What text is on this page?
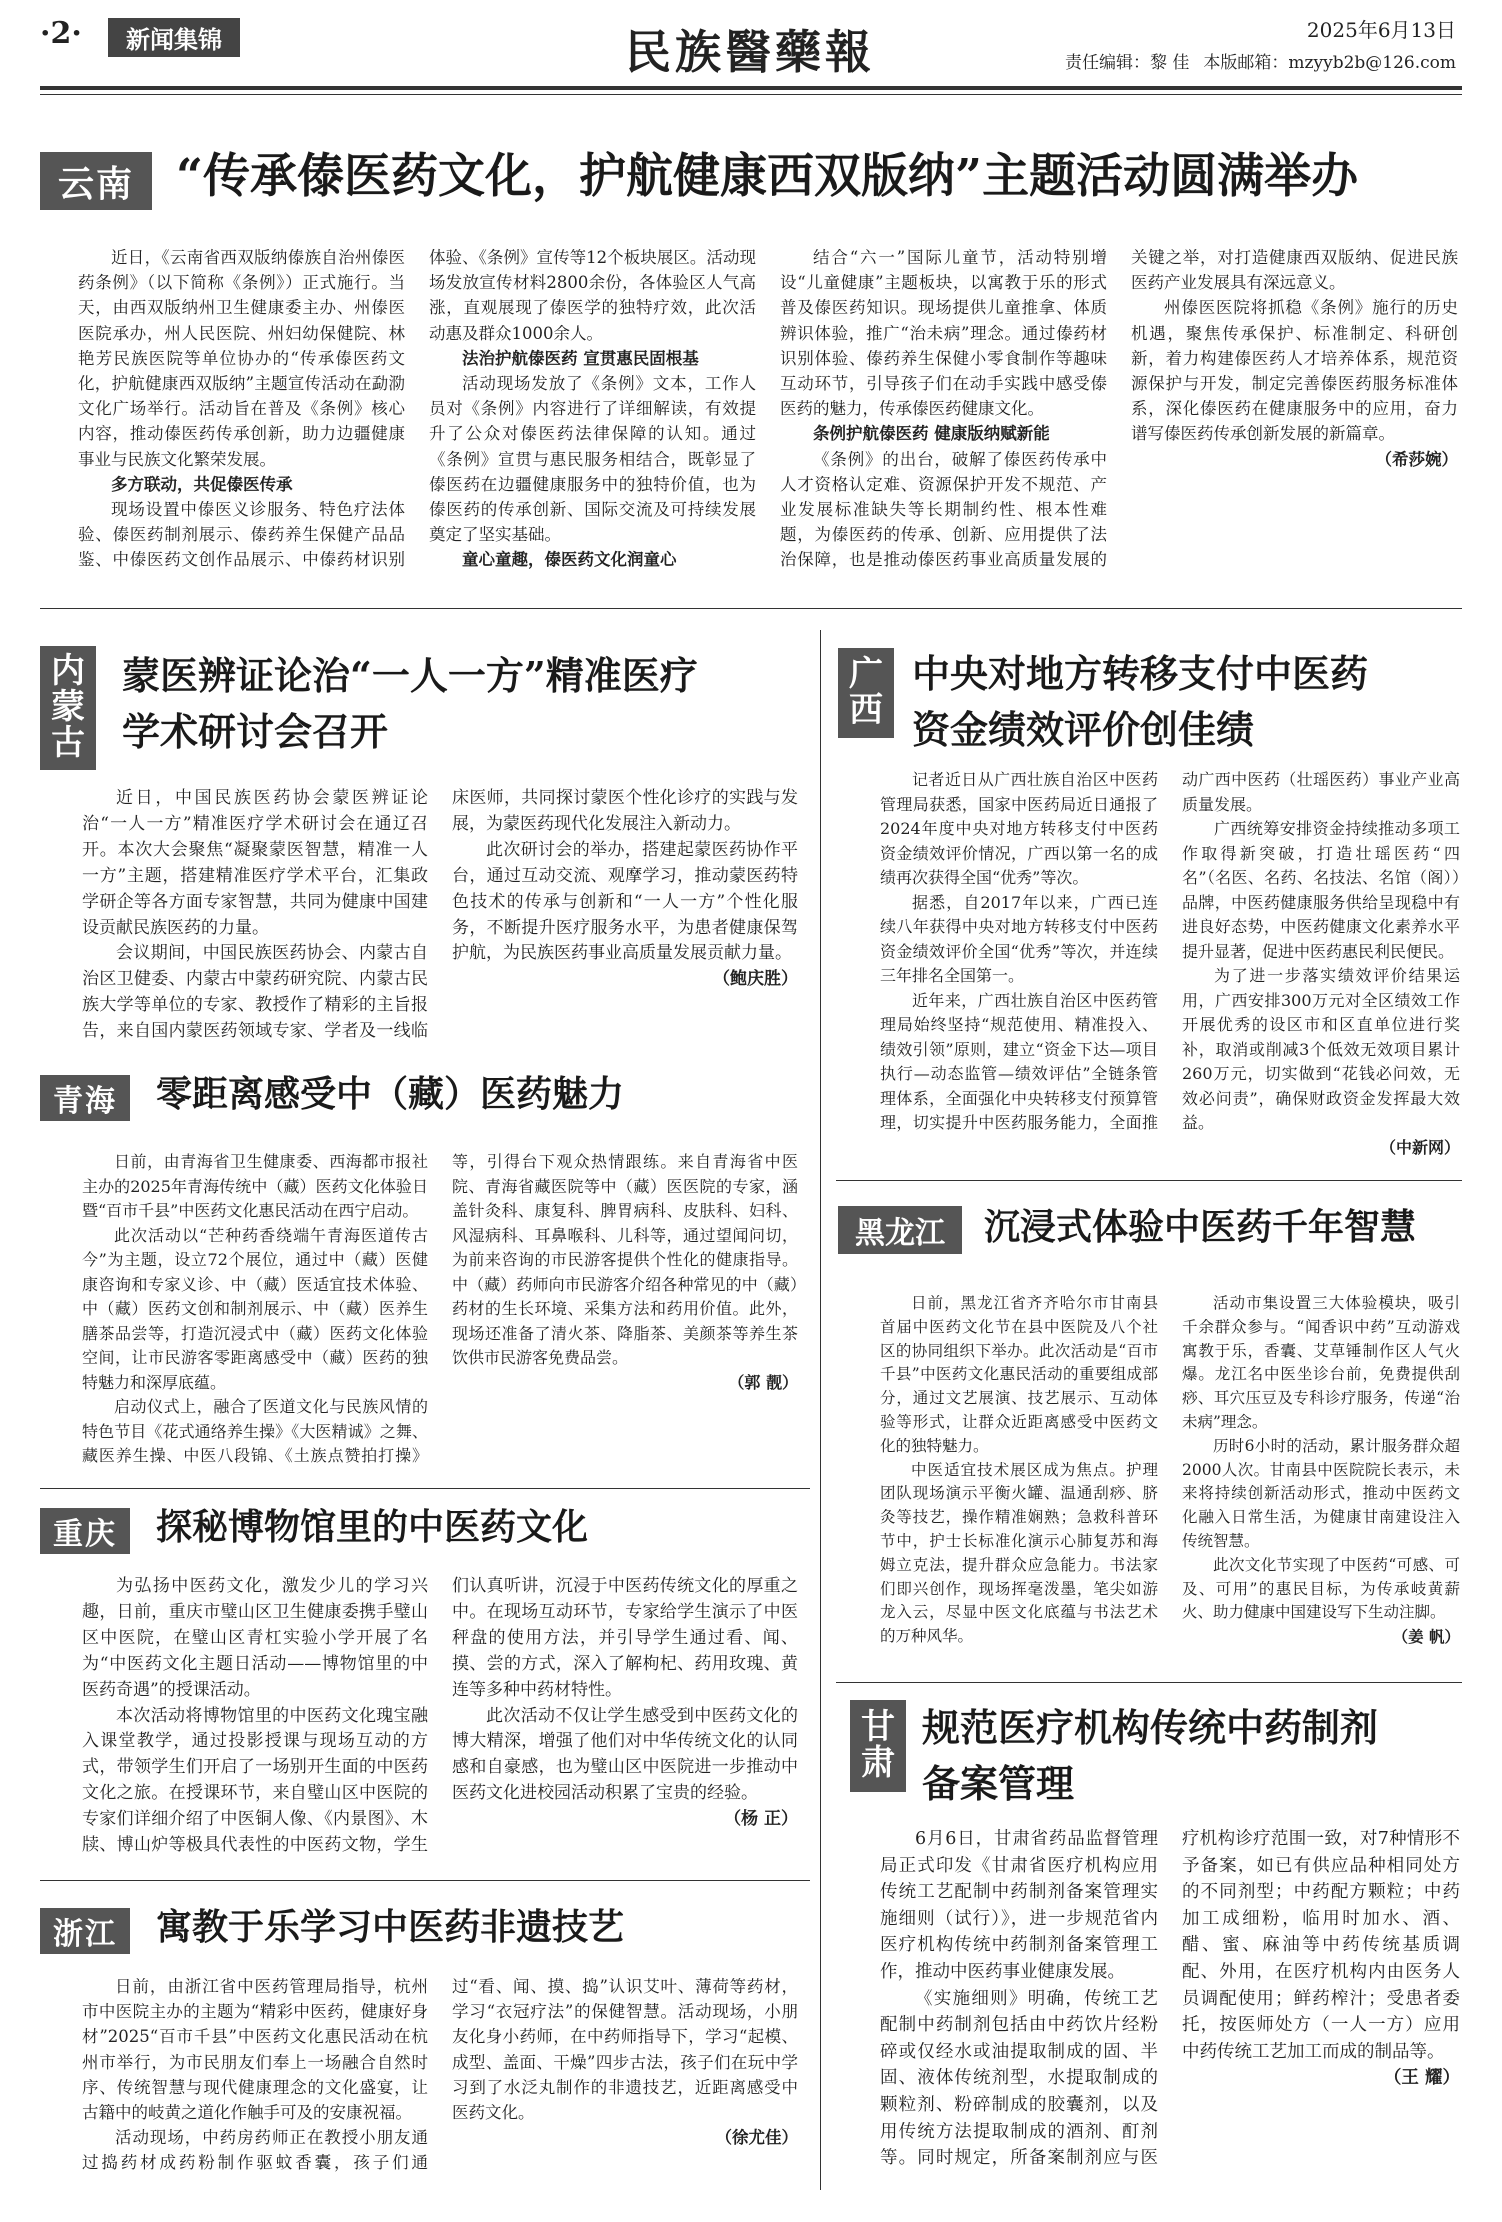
·2·	新闻集锦	民族醫藥報	2025年6月13日
责任编辑：黎 佳 本版邮箱：mzyyb2b@126.com
云南 “传承傣医药文化，护航健康西双版纳”主题活动圆满举办

近日，《云南省西双版纳傣族自治州傣医药条例》（以下简称《条例》）正式施行。当天，由西双版纳州卫生健康委主办、州傣医医院承办，州人民医院、州妇幼保健院、林艳芳民族医院等单位协办的“传承傣医药文化，护航健康西双版纳”主题宣传活动在勐泐文化广场举行。活动旨在普及《条例》核心内容，推动傣医药传承创新，助力边疆健康事业与民族文化繁荣发展。

多方联动，共促傣医传承

现场设置中傣医义诊服务、特色疗法体验、傣医药制剂展示、傣药养生保健产品品鉴、中傣医药文创作品展示、中傣药材识别体验、《条例》宣传等12个板块展区。活动现场发放宣传材料2800余份，各体验区人气高涨，直观展现了傣医学的独特疗效，此次活动惠及群众1000余人。

法治护航傣医药 宣贯惠民固根基

活动现场发放了《条例》文本，工作人员对《条例》内容进行了详细解读，有效提升了公众对傣医药法律保障的认知。通过《条例》宣贯与惠民服务相结合，既彰显了傣医药在边疆健康服务中的独特价值，也为傣医药的传承创新、国际交流及可持续发展奠定了坚实基础。

童心童趣，傣医药文化润童心

结合“六一”国际儿童节，活动特别增设“儿童健康”主题板块，以寓教于乐的形式普及傣医药知识。现场提供儿童推拿、体质辨识体验，推广“治未病”理念。通过傣药材识别体验、傣药养生保健小零食制作等趣味互动环节，引导孩子们在动手实践中感受傣医药的魅力，传承傣医药健康文化。

条例护航傣医药 健康版纳赋新能

《条例》的出台，破解了傣医药传承中人才资格认定难、资源保护开发不规范、产业发展标准缺失等长期制约性、根本性难题，为傣医药的传承、创新、应用提供了法治保障，也是推动傣医药事业高质量发展的关键之举，对打造健康西双版纳、促进民族医药产业发展具有深远意义。

州傣医医院将抓稳《条例》施行的历史机遇，聚焦传承保护、标准制定、科研创新，着力构建傣医药人才培养体系，规范资源保护与开发，制定完善傣医药服务标准体系，深化傣医药在健康服务中的应用，奋力谱写傣医药传承创新发展的新篇章。

（希莎婉）
内
蒙
古
蒙医辨证论治“一人一方”精准医疗
学术研讨会召开

近日，中国民族医药协会蒙医辨证论治“一人一方”精准医疗学术研讨会在通辽召开。本次大会聚焦“凝聚蒙医智慧，精准一人一方”主题，搭建精准医疗学术平台，汇集政学研企等各方面专家智慧，共同为健康中国建设贡献民族医药的力量。

会议期间，中国民族医药协会、内蒙古自治区卫健委、内蒙古中蒙药研究院、内蒙古民族大学等单位的专家、教授作了精彩的主旨报告，来自国内蒙医药领域专家、学者及一线临床医师，共同探讨蒙医个性化诊疗的实践与发展，为蒙医药现代化发展注入新动力。

此次研讨会的举办，搭建起蒙医药协作平台，通过互动交流、观摩学习，推动蒙医药特色技术的传承与创新和“一人一方”个性化服务，不断提升医疗服务水平，为患者健康保驾护航，为民族医药事业高质量发展贡献力量。

（鲍庆胜）
青海	零距离感受中（藏）医药魅力

日前，由青海省卫生健康委、西海都市报社主办的2025年青海传统中（藏）医药文化体验日暨“百市千县”中医药文化惠民活动在西宁启动。

此次活动以“芒种药香绕端午青海医道传古今”为主题，设立72个展位，通过中（藏）医健康咨询和专家义诊、中（藏）医适宜技术体验、中（藏）医药文创和制剂展示、中（藏）医养生膳茶品尝等，打造沉浸式中（藏）医药文化体验空间，让市民游客零距离感受中（藏）医药的独特魅力和深厚底蕴。

启动仪式上，融合了医道文化与民族风情的特色节目《花式通络养生操》《大医精诚》之舞、藏医养生操、中医八段锦、《土族点赞拍打操》等，引得台下观众热情跟练。来自青海省中医院、青海省藏医院等中（藏）医医院的专家，涵盖针灸科、康复科、脾胃病科、皮肤科、妇科、风湿病科、耳鼻喉科、儿科等，通过望闻问切，为前来咨询的市民游客提供个性化的健康指导。中（藏）药师向市民游客介绍各种常见的中（藏）药材的生长环境、采集方法和药用价值。此外，现场还准备了清火茶、降脂茶、美颜茶等养生茶饮供市民游客免费品尝。

（郭 靓）
重庆	探秘博物馆里的中医药文化

为弘扬中医药文化，激发少儿的学习兴趣，日前，重庆市璧山区卫生健康委携手璧山区中医院，在璧山区青杠实验小学开展了名为“中医药文化主题日活动——博物馆里的中医药奇遇”的授课活动。

本次活动将博物馆里的中医药文化瑰宝融入课堂教学，通过投影授课与现场互动的方式，带领学生们开启了一场别开生面的中医药文化之旅。在授课环节，来自璧山区中医院的专家们详细介绍了中医铜人像、《内景图》、木牍、博山炉等极具代表性的中医药文物，学生们认真听讲，沉浸于中医药传统文化的厚重之中。在现场互动环节，专家给学生演示了中医秤盘的使用方法，并引导学生通过看、闻、摸、尝的方式，深入了解枸杞、药用玫瑰、黄连等多种中药材特性。

此次活动不仅让学生感受到中医药文化的博大精深，增强了他们对中华传统文化的认同感和自豪感，也为璧山区中医院进一步推动中医药文化进校园活动积累了宝贵的经验。

（杨 正）
浙江	寓教于乐学习中医药非遗技艺

日前，由浙江省中医药管理局指导，杭州市中医院主办的主题为“精彩中医药，健康好身材”2025“百市千县”中医药文化惠民活动在杭州市举行，为市民朋友们奉上一场融合自然时序、传统智慧与现代健康理念的文化盛宴，让古籍中的岐黄之道化作触手可及的安康祝福。

活动现场，中药房药师正在教授小朋友通过捣药材成药粉制作驱蚊香囊，孩子们通过“看、闻、摸、捣”认识艾叶、薄荷等药材，学习“衣冠疗法”的保健智慧。活动现场，小朋友化身小药师，在中药师指导下，学习“起模、成型、盖面、干燥”四步古法，孩子们在玩中学习到了水泛丸制作的非遗技艺，近距离感受中医药文化。

（徐尤佳）
广
西
中央对地方转移支付中医药
资金绩效评价创佳绩

记者近日从广西壮族自治区中医药管理局获悉，国家中医药局近日通报了2024年度中央对地方转移支付中医药资金绩效评价情况，广西以第一名的成绩再次获得全国“优秀”等次。

据悉，自2017年以来，广西已连续八年获得中央对地方转移支付中医药资金绩效评价全国“优秀”等次，并连续三年排名全国第一。

近年来，广西壮族自治区中医药管理局始终坚持“规范使用、精准投入、绩效引领”原则，建立“资金下达—项目执行—动态监管—绩效评估”全链条管理体系，全面强化中央转移支付预算管理，切实提升中医药服务能力，全面推动广西中医药（壮瑶医药）事业产业高质量发展。

广西统筹安排资金持续推动多项工作取得新突破，打造壮瑶医药“四名”（名医、名药、名技法、名馆（阁））品牌，中医药健康服务供给呈现稳中有进良好态势，中医药健康文化素养水平提升显著，促进中医药惠民利民便民。

为了进一步落实绩效评价结果运用，广西安排300万元对全区绩效工作开展优秀的设区市和区直单位进行奖补，取消或削减3个低效无效项目累计260万元，切实做到“花钱必问效，无效必问责”，确保财政资金发挥最大效益。

（中新网）
黑龙江	沉浸式体验中医药千年智慧

日前，黑龙江省齐齐哈尔市甘南县首届中医药文化节在县中医院及八个社区的协同组织下举办。此次活动是“百市千县”中医药文化惠民活动的重要组成部分，通过文艺展演、技艺展示、互动体验等形式，让群众近距离感受中医药文化的独特魅力。

中医适宜技术展区成为焦点。护理团队现场演示平衡火罐、温通刮痧、脐灸等技艺，操作精准娴熟；急救科普环节中，护士长标准化演示心肺复苏和海姆立克法，提升群众应急能力。书法家们即兴创作，现场挥毫泼墨，笔尖如游龙入云，尽显中医文化底蕴与书法艺术的万种风华。

活动市集设置三大体验模块，吸引千余群众参与。“闻香识中药”互动游戏寓教于乐，香囊、艾草锤制作区人气火爆。龙江名中医坐诊台前，免费提供刮痧、耳穴压豆及专科诊疗服务，传递“治未病”理念。

历时6小时的活动，累计服务群众超2000人次。甘南县中医院院长表示，未来将持续创新活动形式，推动中医药文化融入日常生活，为健康甘南建设注入传统智慧。

此次文化节实现了中医药“可感、可及、可用”的惠民目标，为传承岐黄薪火、助力健康中国建设写下生动注脚。

（姜 帆）
甘
肃
规范医疗机构传统中药制剂
备案管理

6月6日，甘肃省药品监督管理局正式印发《甘肃省医疗机构应用传统工艺配制中药制剂备案管理实施细则（试行）》，进一步规范省内医疗机构传统中药制剂备案管理工作，推动中医药事业健康发展。

《实施细则》明确，传统工艺配制中药制剂包括由中药饮片经粉碎或仅经水或油提取制成的固、半固、液体传统剂型，水提取制成的颗粒剂、粉碎制成的胶囊剂，以及用传统方法提取制成的酒剂、酊剂等。同时规定，所备案制剂应与医疗机构诊疗范围一致，对7种情形不予备案，如已有供应品种相同处方的不同剂型；中药配方颗粒；中药加工成细粉，临用时加水、酒、醋、蜜、麻油等中药传统基质调配、外用，在医疗机构内由医务人员调配使用；鲜药榨汁；受患者委托，按医师处方（一人一方）应用中药传统工艺加工而成的制品等。

（王 耀）
